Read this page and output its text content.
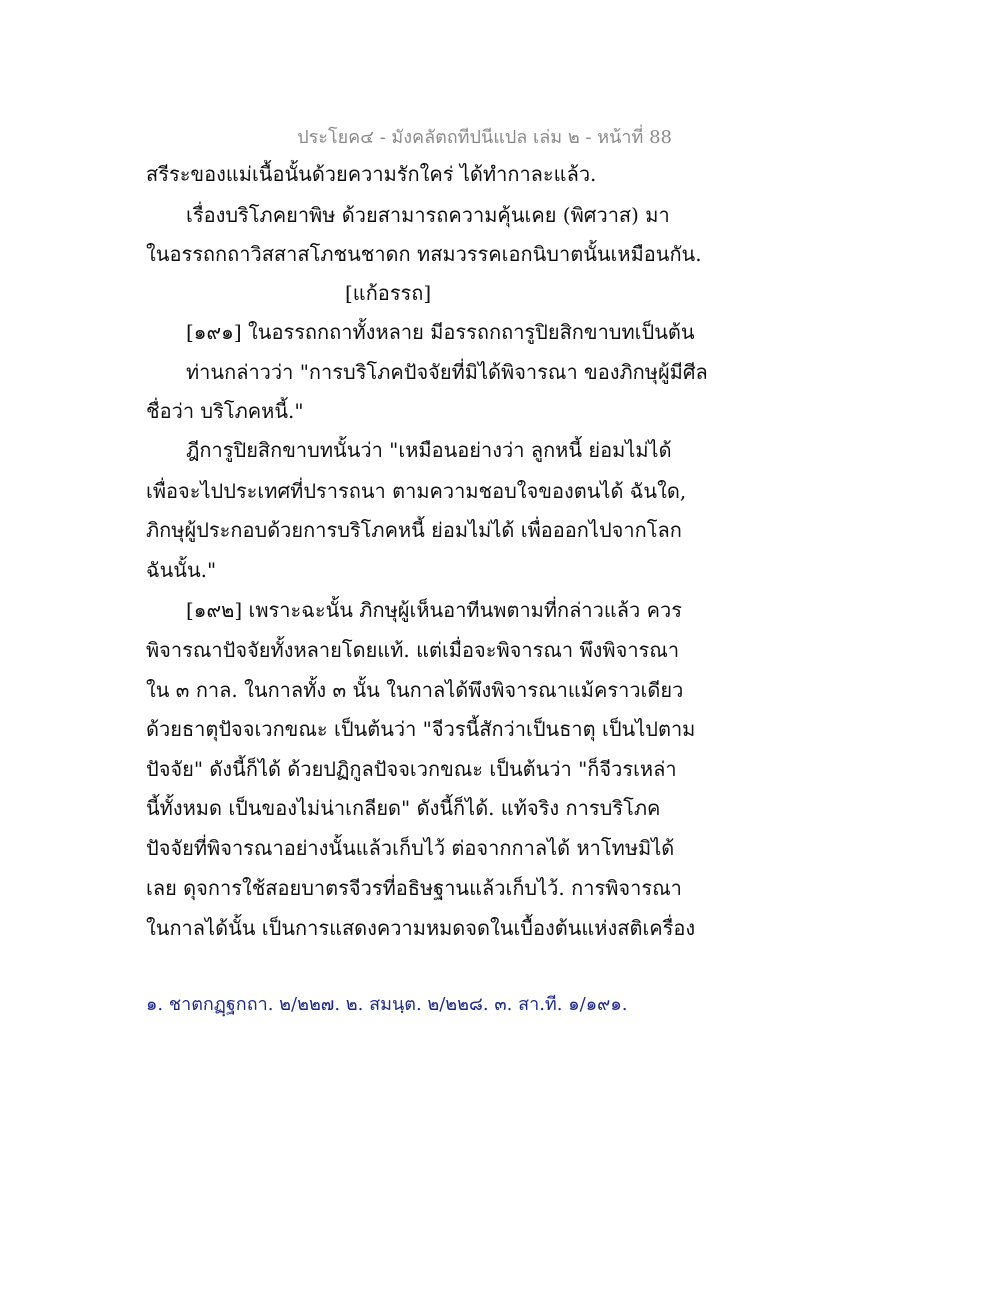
ประโยค๔ - มังคลัตถทีปนีแปล เล่ม ๒ - หน้าที่ 88
สรีระของแม่เนื้อนั้นด้วยความรักใคร่ ได้ทำกาละแล้ว.
เรื่องบริโภคยาพิษ ด้วยสามารถความคุ้นเคย (พิศวาส) มา
ในอรรถกถาวิสสาสโภชนชาดก ทสมวรรคเอกนิบาตนั้นเหมือนกัน.
[แก้อรรถ]
[๑๙๑] ในอรรถกถาทั้งหลาย มีอรรถกถารูปิยสิกขาบทเป็นต้น
ท่านกล่าวว่า "การบริโภคปัจจัยที่มิได้พิจารณา ของภิกษุผู้มีศีล
ชื่อว่า บริโภคหนี้."
ฎีการูปิยสิกขาบทนั้นว่า "เหมือนอย่างว่า ลูกหนี้ ย่อมไม่ได้
เพื่อจะไปประเทศที่ปรารถนา ตามความชอบใจของตนได้ ฉันใด,
ภิกษุผู้ประกอบด้วยการบริโภคหนี้ ย่อมไม่ได้ เพื่อออกไปจากโลก
ฉันนั้น."
[๑๙๒] เพราะฉะนั้น ภิกษุผู้เห็นอาทีนพตามที่กล่าวแล้ว ควร
พิจารณาปัจจัยทั้งหลายโดยแท้. แต่เมื่อจะพิจารณา พึงพิจารณา
ใน ๓ กาล. ในกาลทั้ง ๓ นั้น ในกาลได้พึงพิจารณาแม้คราวเดียว
ด้วยธาตุปัจจเวกขณะ เป็นต้นว่า "จีวรนี้สักว่าเป็นธาตุ เป็นไปตาม
ปัจจัย" ดังนี้ก็ได้ ด้วยปฏิกูลปัจจเวกขณะ เป็นต้นว่า "ก็จีวรเหล่า
นี้ทั้งหมด เป็นของไม่น่าเกลียด" ดังนี้ก็ได้. แท้จริง การบริโภค
ปัจจัยที่พิจารณาอย่างนั้นแล้วเก็บไว้ ต่อจากกาลได้ หาโทษมิได้
เลย ดุจการใช้สอยบาตรจีวรที่อธิษฐานแล้วเก็บไว้. การพิจารณา
ในกาลได้นั้น เป็นการแสดงความหมดจดในเบื้องต้นแห่งสติเครื่อง
๑. ชาตกฏฺฐกถา. ๒/๒๒๗. ๒. สมนฺต. ๒/๒๒๘. ๓. สา.ที. ๑/๑๙๑.
